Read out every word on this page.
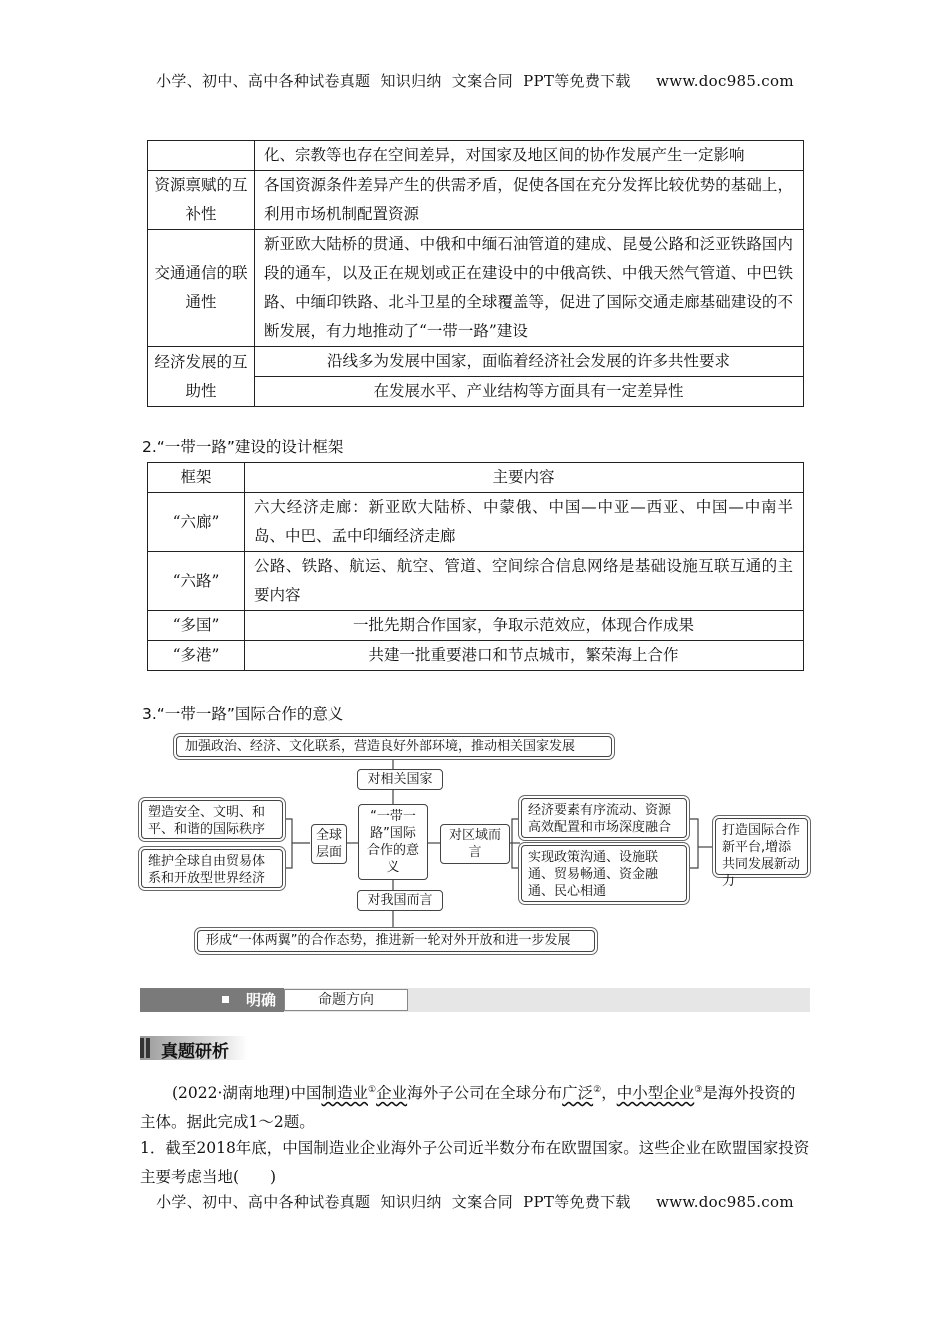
小学、初中、高中各种试卷真题  知识归纳  文案合同  PPT等免费下载     www.doc985.com
	化、宗教等也存在空间差异，对国家及地区间的协作发展产生一定影响
资源禀赋的互补性	各国资源条件差异产生的供需矛盾，促使各国在充分发挥比较优势的基础上，利用市场机制配置资源
交通通信的联通性	新亚欧大陆桥的贯通、中俄和中缅石油管道的建成、昆曼公路和泛亚铁路国内段的通车，以及正在规划或正在建设中的中俄高铁、中俄天然气管道、中巴铁路、中缅印铁路、北斗卫星的全球覆盖等，促进了国际交通走廊基础建设的不断发展，有力地推动了“一带一路”建设
经济发展的互助性	沿线多为发展中国家，面临着经济社会发展的许多共性要求
	在发展水平、产业结构等方面具有一定差异性
2.“一带一路”建设的设计框架
框架	主要内容
“六廊”	六大经济走廊：新亚欧大陆桥、中蒙俄、中国—中亚—西亚、中国—中南半岛、中巴、孟中印缅经济走廊
“六路”	公路、铁路、航运、航空、管道、空间综合信息网络是基础设施互联互通的主要内容
“多国”	一批先期合作国家，争取示范效应，体现合作成果
“多港”	共建一批重要港口和节点城市，繁荣海上合作
3.“一带一路”国际合作的意义
加强政治、经济、文化联系，营造良好外部环境，推动相关国家发展
对相关国家
塑造安全、文明、和平、和谐的国际秩序
维护全球自由贸易体系和开放型世界经济
全球层面
“一带一路”国际合作的意义
对区域而言
经济要素有序流动、资源高效配置和市场深度融合
实现政策沟通、设施联通、贸易畅通、资金融通、民心相通
打造国际合作新平台,增添共同发展新动力
对我国而言
形成“一体两翼”的合作态势，推进新一轮对外开放和进一步发展
明确	命题方向
真题研析
(2022·湖南地理)中国制造业①企业海外子公司在全球分布广泛②，中小型企业③是海外投资的主体。据此完成1～2题。
1．截至2018年底，中国制造业企业海外子公司近半数分布在欧盟国家。这些企业在欧盟国家投资主要考虑当地(　　)
小学、初中、高中各种试卷真题  知识归纳  文案合同  PPT等免费下载     www.doc985.com
